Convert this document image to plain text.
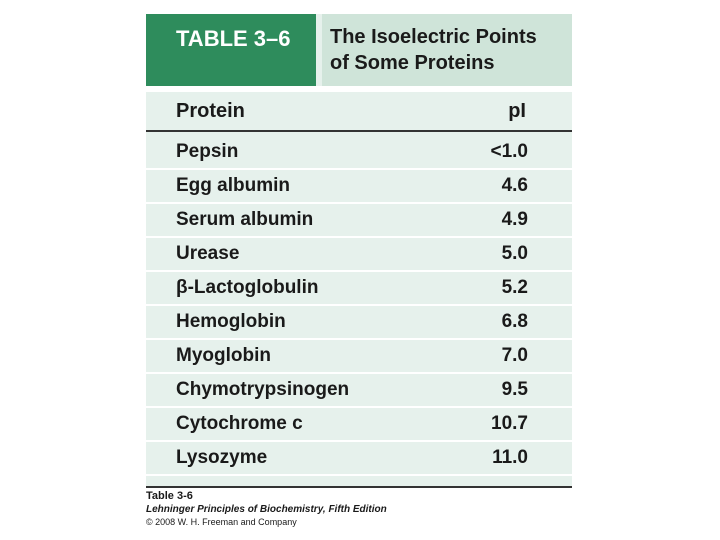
TABLE 3–6 The Isoelectric Points
of Some Proteins
Protein	pI
Pepsin	<1.0
Egg albumin	4.6
Serum albumin	4.9
Urease	5.0
β-Lactoglobulin	5.2
Hemoglobin	6.8
Myoglobin	7.0
Chymotrypsinogen	9.5
Cytochrome c	10.7
Lysozyme	11.0
Table 3-6
Lehninger Principles of Biochemistry, Fifth Edition
© 2008 W. H. Freeman and Company
